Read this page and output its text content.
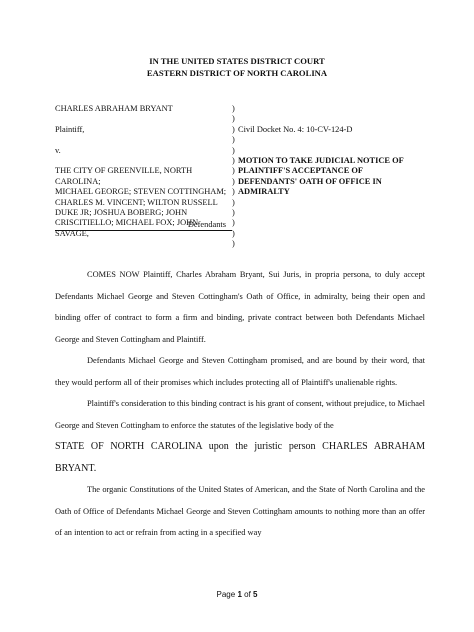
IN THE UNITED STATES DISTRICT COURT
EASTERN DISTRICT OF NORTH CAROLINA
CHARLES ABRAHAM BRYANT

Plaintiff,

v.

THE CITY OF GREENVILLE, NORTH
CAROLINA;
MICHAEL GEORGE; STEVEN COTTINGHAM;
CHARLES M. VINCENT; WILTON RUSSELL
DUKE JR; JOSHUA BOBERG; JOHN
CRISCITIELLO; MICHAEL FOX; JOHN
SAVAGE,
Defendants
)
)
)
)
)
)
)
)
)
)
)
)
)
)

Civil Docket No. 4: 10-CV-124-D

MOTION TO TAKE JUDICIAL NOTICE OF
PLAINTIFF'S ACCEPTANCE OF
DEFENDANTS' OATH OF OFFICE IN
ADMIRALTY

COMES NOW Plaintiff, Charles Abraham Bryant, Sui Juris, in propria persona, to duly accept Defendants Michael George and Steven Cottingham's Oath of Office, in admiralty, being their open and binding offer of contract to form a firm and binding, private contract between both Defendants Michael George and Steven Cottingham and Plaintiff.

Defendants Michael George and Steven Cottingham promised, and are bound by their word, that they would perform all of their promises which includes protecting all of Plaintiff's unalienable rights.

Plaintiff's consideration to this binding contract is his grant of consent, without prejudice, to Michael George and Steven Cottingham to enforce the statutes of the legislative body of the

STATE OF NORTH CAROLINA upon the juristic person CHARLES ABRAHAM BRYANT.

The organic Constitutions of the United States of American, and the State of North Carolina and the Oath of Office of Defendants Michael George and Steven Cottingham amounts to nothing more than an offer of an intention to act or refrain from acting in a specified way

Page 1 of 5
